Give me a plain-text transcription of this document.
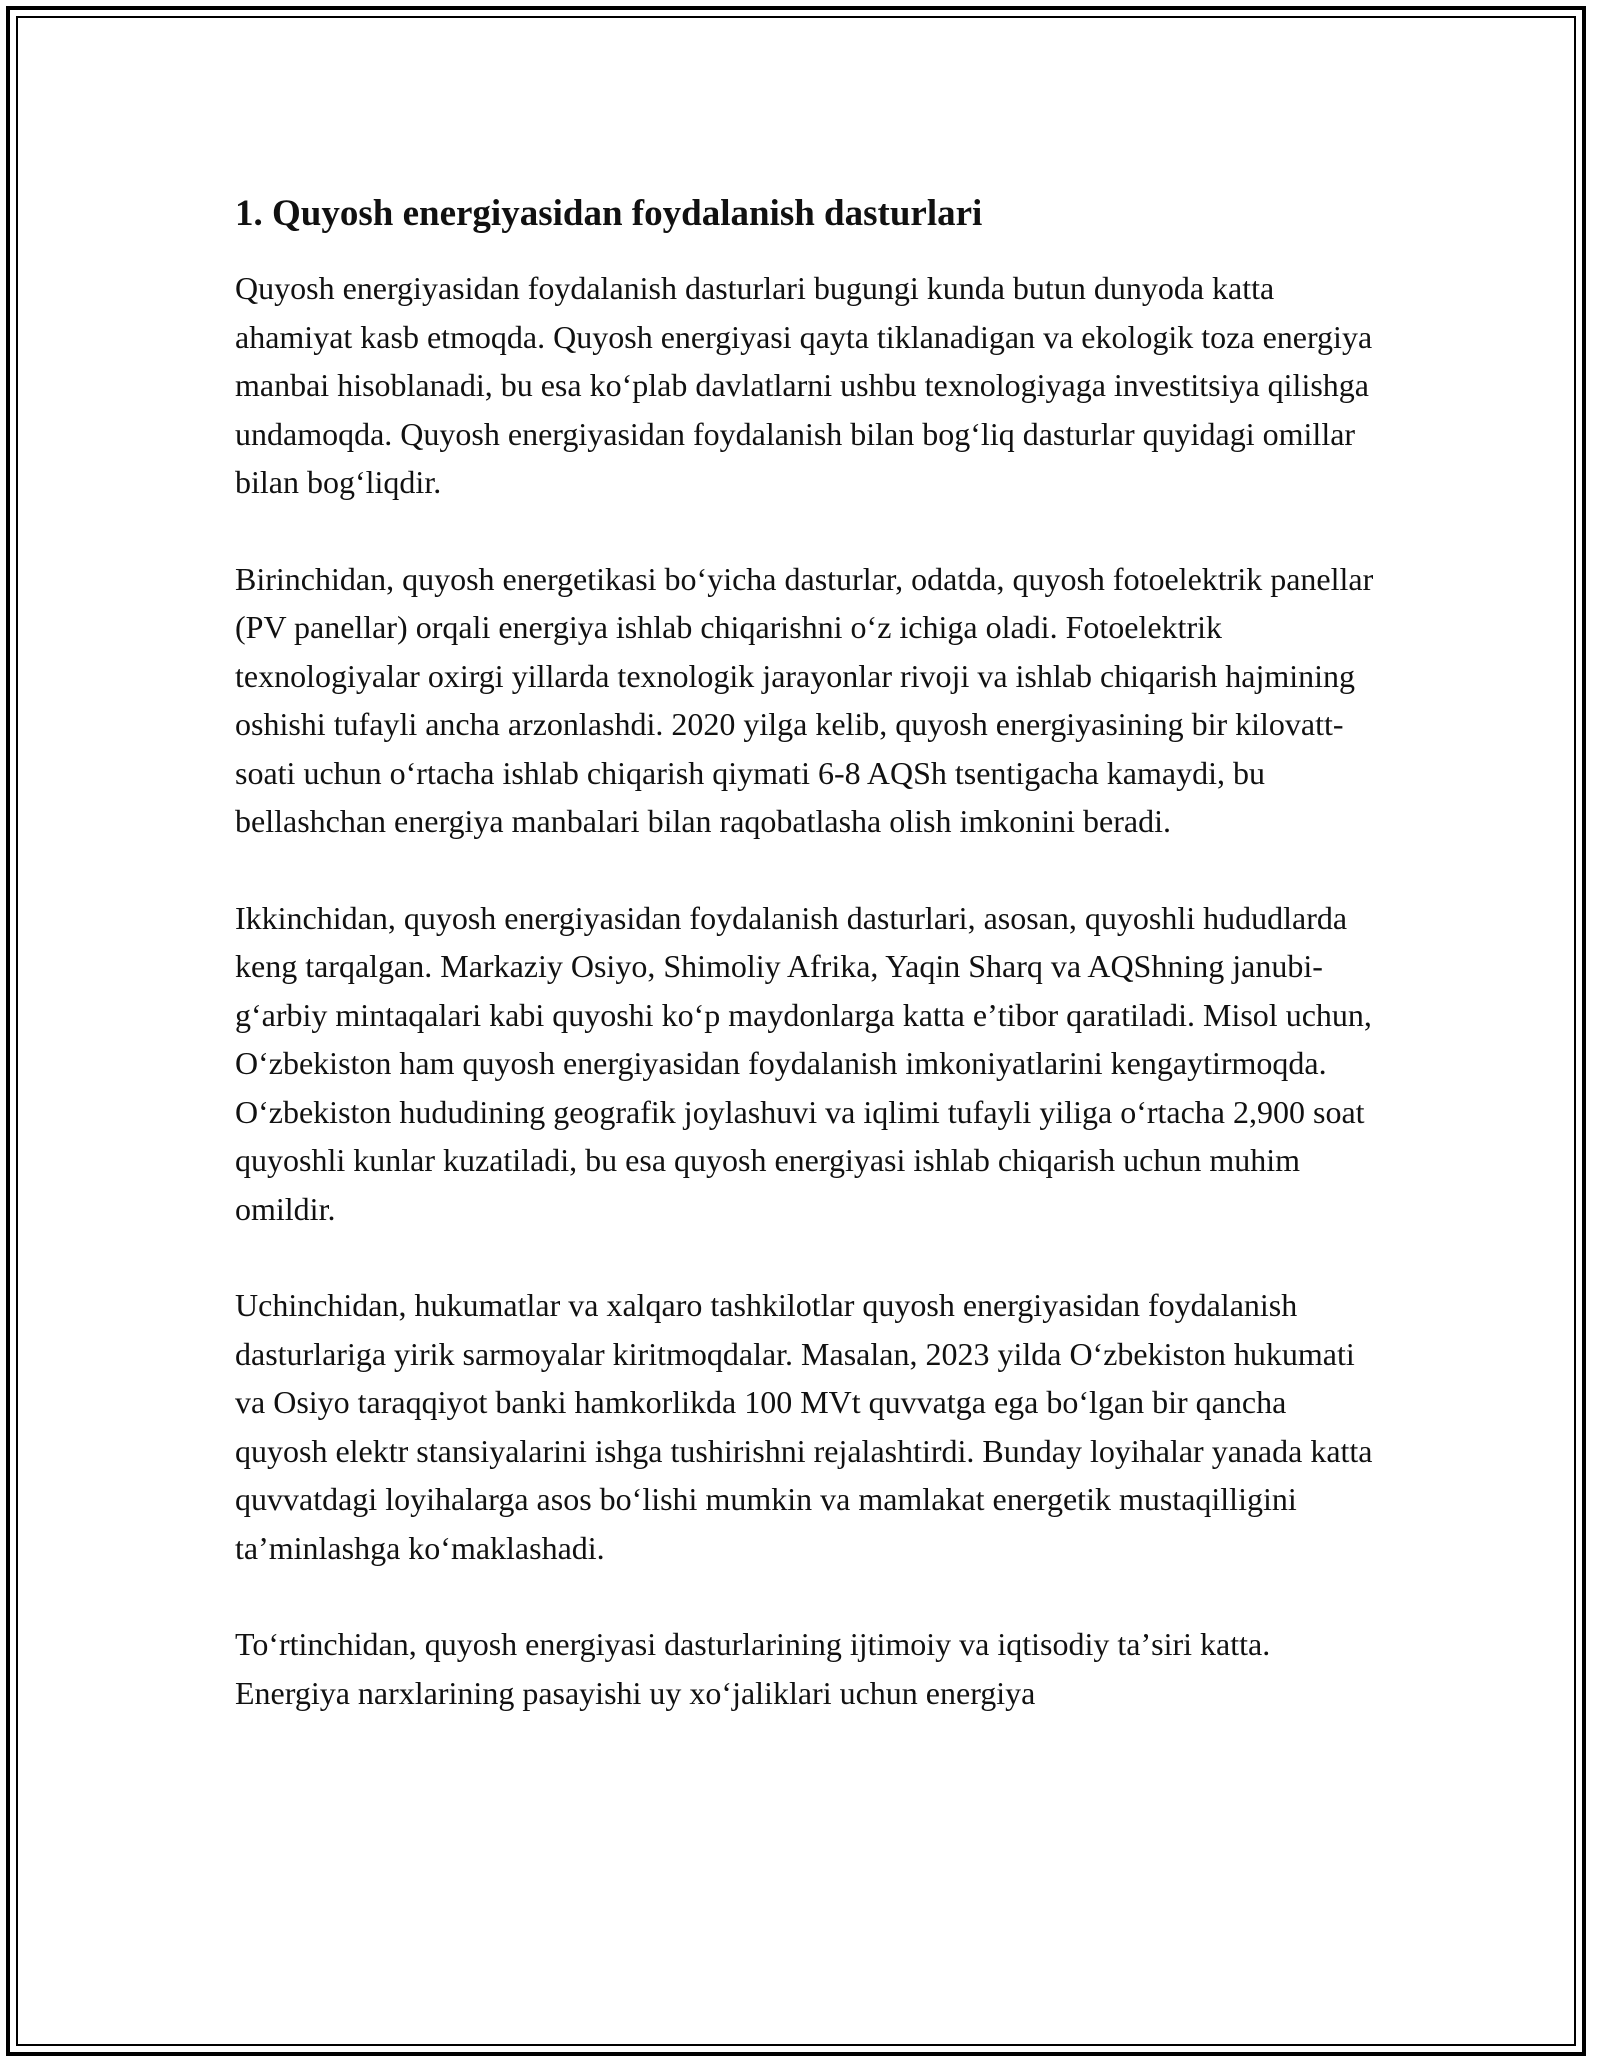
1. Quyosh energiyasidan foydalanish dasturlari

Quyosh energiyasidan foydalanish dasturlari bugungi kunda butun dunyoda katta ahamiyat kasb etmoqda. Quyosh energiyasi qayta tiklanadigan va ekologik toza energiya manbai hisoblanadi, bu esa koʻplab davlatlarni ushbu texnologiyaga investitsiya qilishga undamoqda. Quyosh energiyasidan foydalanish bilan bogʻliq dasturlar quyidagi omillar bilan bogʻliqdir.

Birinchidan, quyosh energetikasi boʻyicha dasturlar, odatda, quyosh fotoelektrik panellar (PV panellar) orqali energiya ishlab chiqarishni oʻz ichiga oladi. Fotoelektrik texnologiyalar oxirgi yillarda texnologik jarayonlar rivoji va ishlab chiqarish hajmining oshishi tufayli ancha arzonlashdi. 2020 yilga kelib, quyosh energiyasining bir kilovatt-soati uchun oʻrtacha ishlab chiqarish qiymati 6-8 AQSh tsentigacha kamaydi, bu bellashchan energiya manbalari bilan raqobatlasha olish imkonini beradi.

Ikkinchidan, quyosh energiyasidan foydalanish dasturlari, asosan, quyoshli hududlarda keng tarqalgan. Markaziy Osiyo, Shimoliy Afrika, Yaqin Sharq va AQShning janubi-gʻarbiy mintaqalari kabi quyoshi koʻp maydonlarga katta eʼtibor qaratiladi. Misol uchun, Oʻzbekiston ham quyosh energiyasidan foydalanish imkoniyatlarini kengaytirmoqda. Oʻzbekiston hududining geografik joylashuvi va iqlimi tufayli yiliga oʻrtacha 2,900 soat quyoshli kunlar kuzatiladi, bu esa quyosh energiyasi ishlab chiqarish uchun muhim omildir.

Uchinchidan, hukumatlar va xalqaro tashkilotlar quyosh energiyasidan foydalanish dasturlariga yirik sarmoyalar kiritmoqdalar. Masalan, 2023 yilda Oʻzbekiston hukumati va Osiyo taraqqiyot banki hamkorlikda 100 MVt quvvatga ega boʻlgan bir qancha quyosh elektr stansiyalarini ishga tushirishni rejalashtirdi. Bunday loyihalar yanada katta quvvatdagi loyihalarga asos boʻlishi mumkin va mamlakat energetik mustaqilligini taʼminlashga koʻmaklashadi.

Toʻrtinchidan, quyosh energiyasi dasturlarining ijtimoiy va iqtisodiy taʼsiri katta. Energiya narxlarining pasayishi uy xoʻjaliklari uchun energiya
